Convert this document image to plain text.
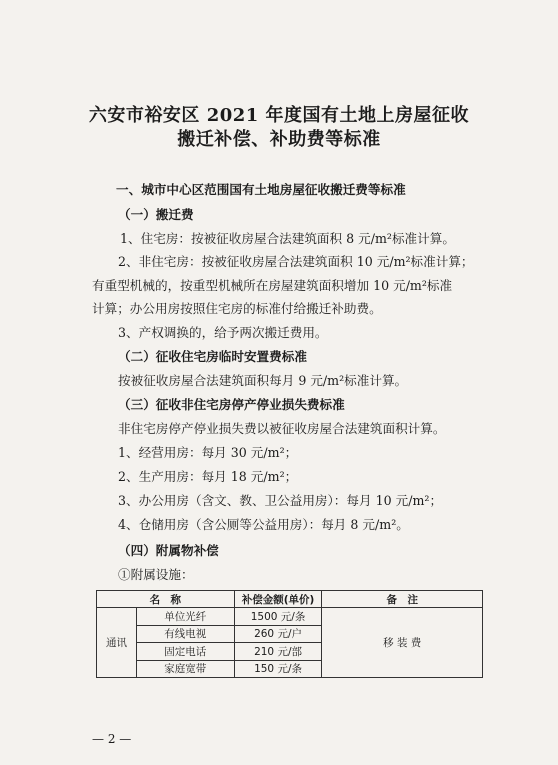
六安市裕安区 2021 年度国有土地上房屋征收
搬迁补偿、补助费等标准
一、城市中心区范围国有土地房屋征收搬迁费等标准
（一）搬迁费
1、住宅房：按被征收房屋合法建筑面积 8 元/m²标准计算。
2、非住宅房：按被征收房屋合法建筑面积 10 元/m²标准计算；
有重型机械的，按重型机械所在房屋建筑面积增加 10 元/m²标准
计算；办公用房按照住宅房的标准付给搬迁补助费。
3、产权调换的，给予两次搬迁费用。
（二）征收住宅房临时安置费标准
按被征收房屋合法建筑面积每月 9 元/m²标准计算。
（三）征收非住宅房停产停业损失费标准
非住宅房停产停业损失费以被征收房屋合法建筑面积计算。
1、经营用房：每月 30 元/m²；
2、生产用房：每月 18 元/m²；
3、办公用房（含文、教、卫公益用房）：每月 10 元/m²；
4、仓储用房（含公厕等公益用房）：每月 8 元/m²。
（四）附属物补偿
①附属设施：
名　称		补偿金额(单价)	备　注
通讯	单位光纤	1500 元/条	移 装 费
	有线电视	260 元/户	
	固定电话	210 元/部	
	家庭宽带	150 元/条	
— 2 —
